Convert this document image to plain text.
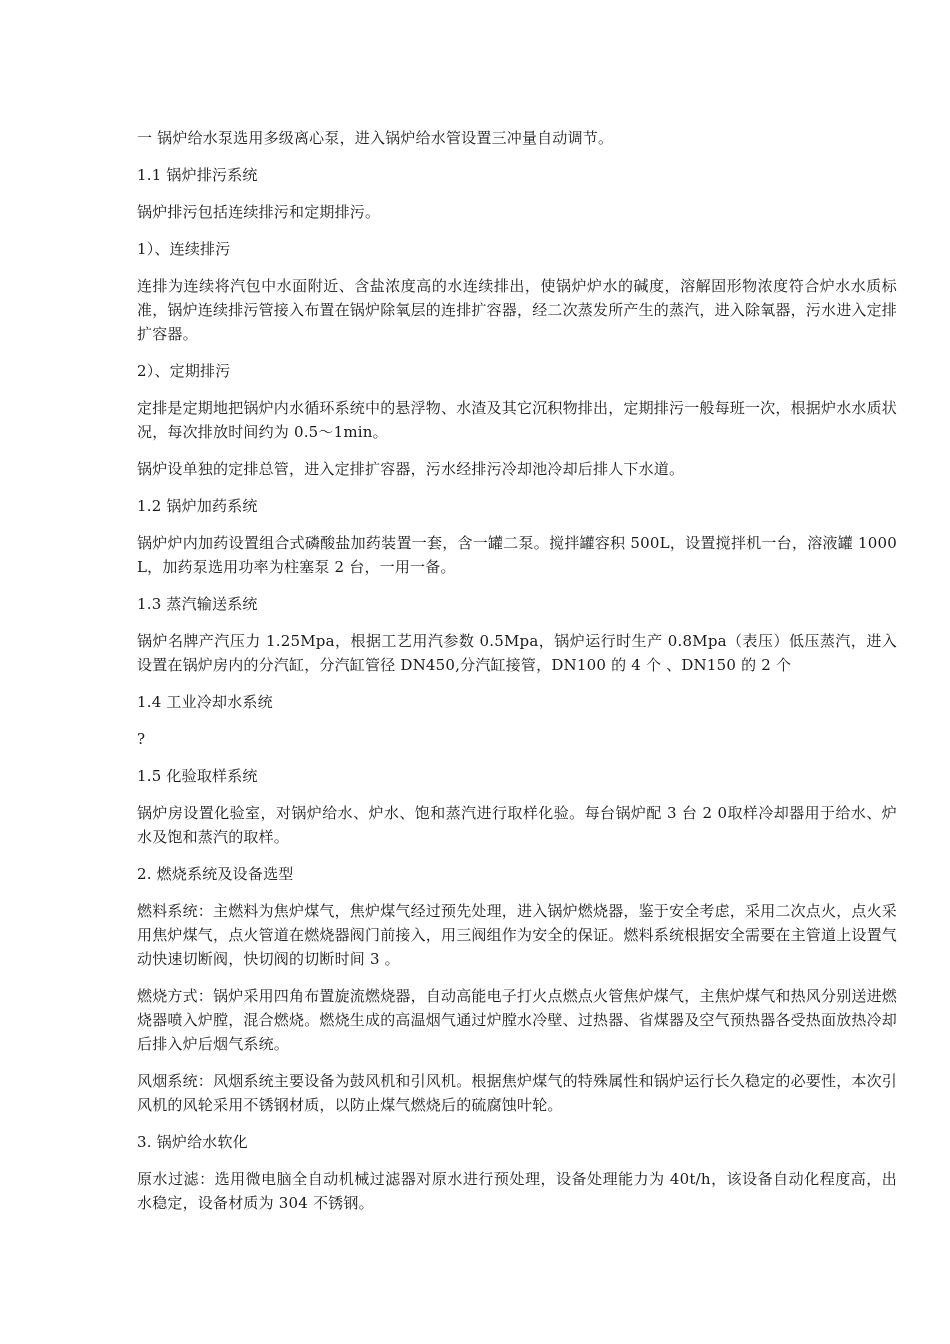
一 锅炉给水泵选用多级离心泵，进入锅炉给水管设置三冲量自动调节。

1.1 锅炉排污系统

锅炉排污包括连续排污和定期排污。

1）、连续排污

连排为连续将汽包中水面附近、含盐浓度高的水连续排出，使锅炉炉水的碱度，溶解固形物浓度符合炉水水质标准，锅炉连续排污管接入布置在锅炉除氧层的连排扩容器，经二次蒸发所产生的蒸汽，进入除氧器，污水进入定排扩容器。

2）、定期排污

定排是定期地把锅炉内水循环系统中的悬浮物、水渣及其它沉积物排出，定期排污一般每班一次，根据炉水水质状况，每次排放时间约为 0.5～1min。

锅炉设单独的定排总管，进入定排扩容器，污水经排污冷却池冷却后排人下水道。

1.2 锅炉加药系统

锅炉炉内加药设置组合式磷酸盐加药装置一套，含一罐二泵。搅拌罐容积 500L，设置搅拌机一台，溶液罐 1000L，加药泵选用功率为柱塞泵 2 台，一用一备。

1.3 蒸汽输送系统

锅炉名牌产汽压力 1.25Mpa，根据工艺用汽参数 0.5Mpa，锅炉运行时生产 0.8Mpa（表压）低压蒸汽，进入设置在锅炉房内的分汽缸，分汽缸管径 DN450,分汽缸接管，DN100 的 4 个 、DN150 的 2 个

1.4 工业冷却水系统

?

1.5 化验取样系统

锅炉房设置化验室，对锅炉给水、炉水、饱和蒸汽进行取样化验。每台锅炉配 3 台 2 0取样冷却器用于给水、炉水及饱和蒸汽的取样。

2. 燃烧系统及设备选型

燃料系统：主燃料为焦炉煤气，焦炉煤气经过预先处理，进入锅炉燃烧器，鉴于安全考虑，采用二次点火，点火采用焦炉煤气，点火管道在燃烧器阀门前接入，用三阀组作为安全的保证。燃料系统根据安全需要在主管道上设置气动快速切断阀，快切阀的切断时间 3 。

燃烧方式：锅炉采用四角布置旋流燃烧器，自动高能电子打火点燃点火管焦炉煤气，主焦炉煤气和热风分别送进燃烧器喷入炉膛，混合燃烧。燃烧生成的高温烟气通过炉膛水冷壁、过热器、省煤器及空气预热器各受热面放热冷却后排入炉后烟气系统。

风烟系统：风烟系统主要设备为鼓风机和引风机。根据焦炉煤气的特殊属性和锅炉运行长久稳定的必要性，本次引风机的风轮采用不锈钢材质，以防止煤气燃烧后的硫腐蚀叶轮。

3. 锅炉给水软化

原水过滤：选用微电脑全自动机械过滤器对原水进行预处理，设备处理能力为 40t/h，该设备自动化程度高，出水稳定，设备材质为 304 不锈钢。
